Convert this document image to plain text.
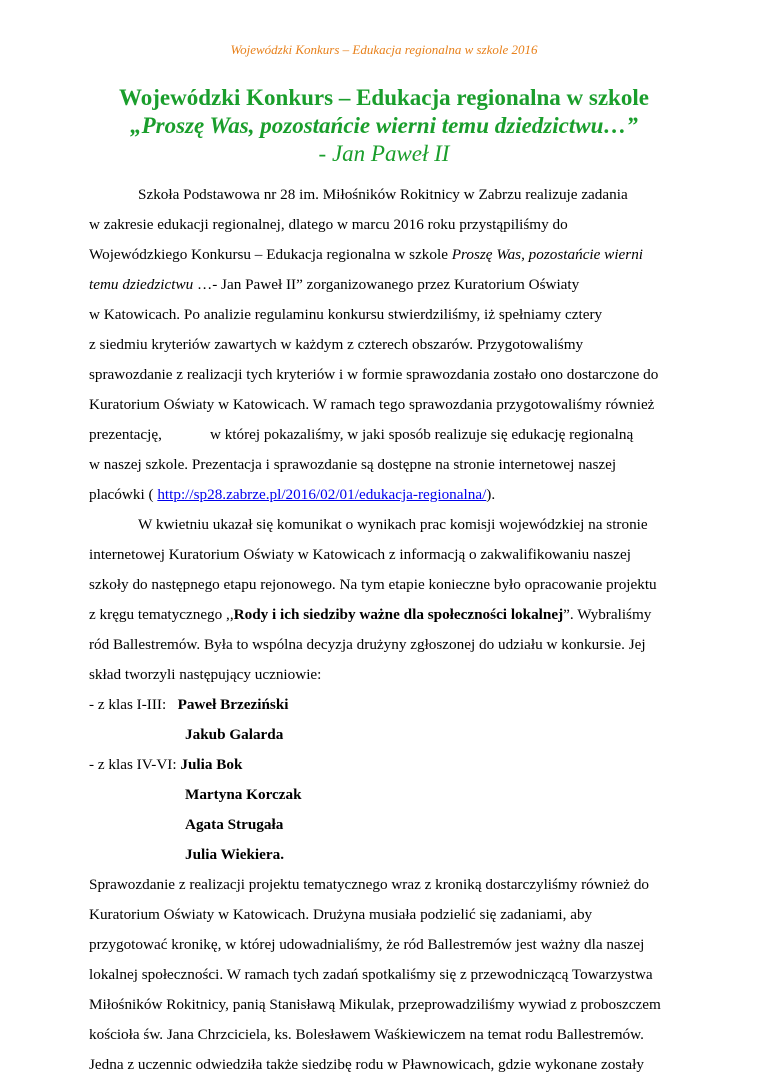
Wojewódzki Konkurs – Edukacja regionalna w szkole 2016
Wojewódzki Konkurs – Edukacja regionalna w szkole
„Proszę Was, pozostańcie wierni temu dziedzictwu…”
- Jan Paweł II
Szkoła Podstawowa nr 28 im. Miłośników Rokitnicy w Zabrzu realizuje zadania
w zakresie edukacji regionalnej, dlatego w marcu 2016 roku przystąpiliśmy do
Wojewódzkiego Konkursu – Edukacja regionalna w szkole Proszę Was, pozostańcie wierni
temu dziedzictwu …- Jan Paweł II” zorganizowanego przez Kuratorium Oświaty
w Katowicach. Po analizie regulaminu konkursu stwierdziliśmy, iż spełniamy cztery
z siedmiu kryteriów zawartych w każdym z czterech obszarów. Przygotowaliśmy
sprawozdanie z realizacji tych kryteriów i w formie sprawozdania zostało ono dostarczone do
Kuratorium Oświaty w Katowicach. W ramach tego sprawozdania przygotowaliśmy również
prezentację,	w której pokazaliśmy, w jaki sposób realizuje się edukację regionalną
w naszej szkole. Prezentacja i sprawozdanie są dostępne na stronie internetowej naszej
placówki ( http://sp28.zabrze.pl/2016/02/01/edukacja-regionalna/).
W kwietniu ukazał się komunikat o wynikach prac komisji wojewódzkiej na stronie
internetowej Kuratorium Oświaty w Katowicach z informacją o zakwalifikowaniu naszej
szkoły do następnego etapu rejonowego. Na tym etapie konieczne było opracowanie projektu
z kręgu tematycznego ,,Rody i ich siedziby ważne dla społeczności lokalnej”. Wybraliśmy
ród Ballestremów. Była to wspólna decyzja drużyny zgłoszonej do udziału w konkursie. Jej
skład tworzyli następujący uczniowie:
- z klas I-III: Paweł Brzeziński
Jakub Galarda
- z klas IV-VI: Julia Bok
Martyna Korczak
Agata Strugała
Julia Wiekiera.
Sprawozdanie z realizacji projektu tematycznego wraz z kroniką dostarczyliśmy również do
Kuratorium Oświaty w Katowicach. Drużyna musiała podzielić się zadaniami, aby
przygotować kronikę, w której udowadnialiśmy, że ród Ballestremów jest ważny dla naszej
lokalnej społeczności. W ramach tych zadań spotkaliśmy się z przewodniczącą Towarzystwa
Miłośników Rokitnicy, panią Stanisławą Mikulak, przeprowadziliśmy wywiad z proboszczem
kościoła św. Jana Chrzciciela, ks. Bolesławem Waśkiewiczem na temat rodu Ballestremów.
Jedna z uczennic odwiedziła także siedzibę rodu w Pławnowicach, gdzie wykonane zostały
